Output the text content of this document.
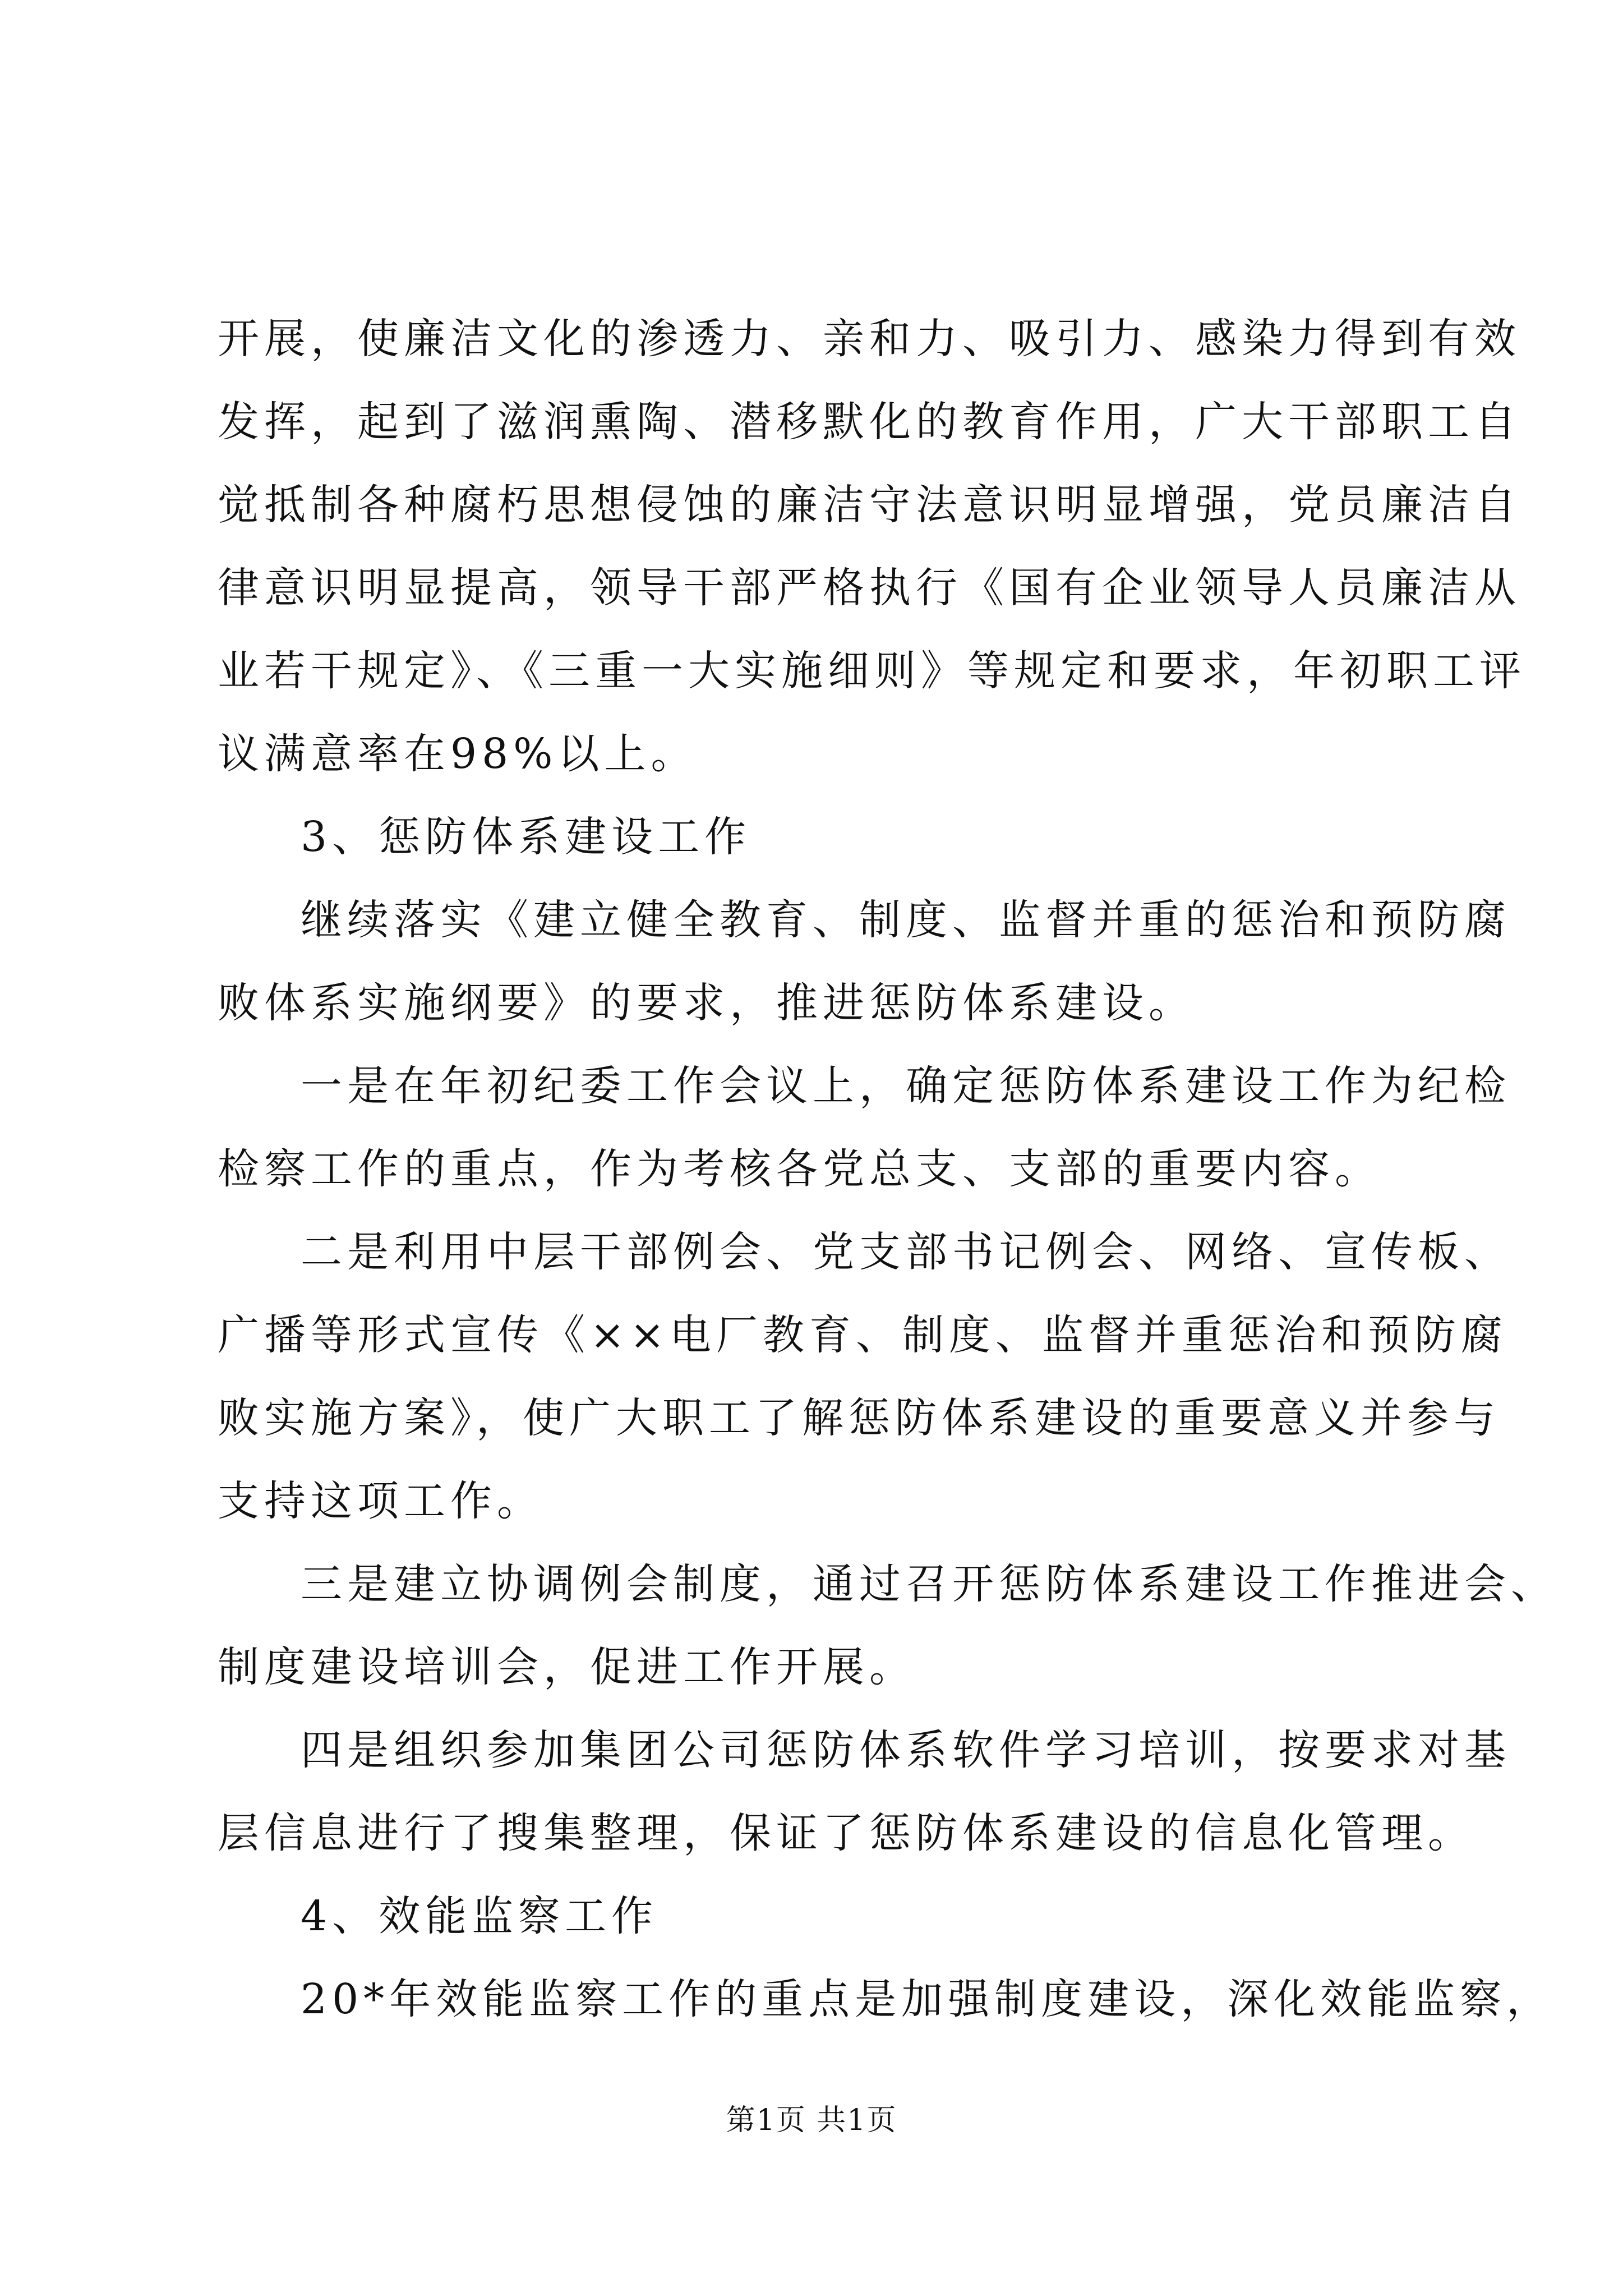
开展，使廉洁文化的渗透力、亲和力、吸引力、感染力得到有效
发挥，起到了滋润熏陶、潜移默化的教育作用，广大干部职工自
觉抵制各种腐朽思想侵蚀的廉洁守法意识明显增强，党员廉洁自
律意识明显提高，领导干部严格执行《国有企业领导人员廉洁从
业若干规定》、《三重一大实施细则》等规定和要求，年初职工评
议满意率在98%以上。
3、惩防体系建设工作
继续落实《建立健全教育、制度、监督并重的惩治和预防腐
败体系实施纲要》的要求，推进惩防体系建设。
一是在年初纪委工作会议上，确定惩防体系建设工作为纪检
检察工作的重点，作为考核各党总支、支部的重要内容。
二是利用中层干部例会、党支部书记例会、网络、宣传板、
广播等形式宣传《××电厂教育、制度、监督并重惩治和预防腐
败实施方案》，使广大职工了解惩防体系建设的重要意义并参与
支持这项工作。
三是建立协调例会制度，通过召开惩防体系建设工作推进会、
制度建设培训会，促进工作开展。
四是组织参加集团公司惩防体系软件学习培训，按要求对基
层信息进行了搜集整理，保证了惩防体系建设的信息化管理。
4、效能监察工作
20*年效能监察工作的重点是加强制度建设，深化效能监察，
第1页 共1页
